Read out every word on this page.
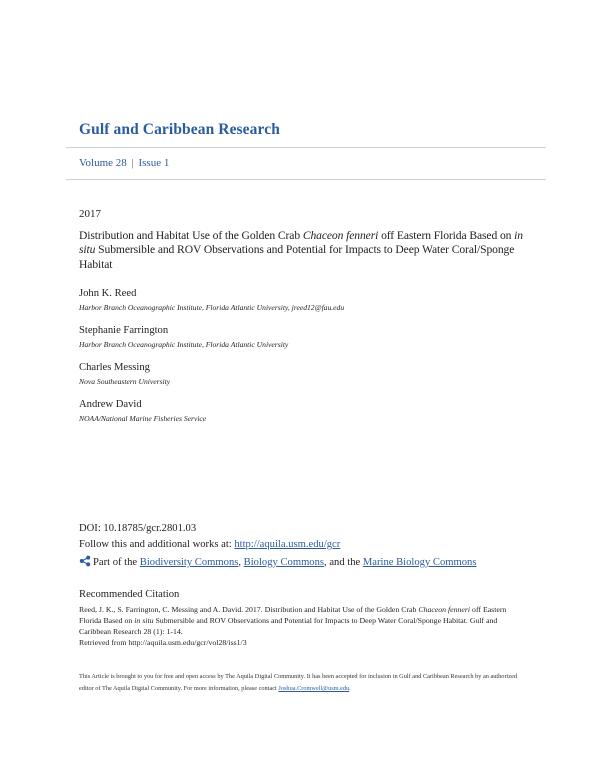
Gulf and Caribbean Research
Volume 28 | Issue 1
2017
Distribution and Habitat Use of the Golden Crab Chaceon fenneri off Eastern Florida Based on in situ Submersible and ROV Observations and Potential for Impacts to Deep Water Coral/Sponge Habitat
John K. Reed
Harbor Branch Oceanographic Institute, Florida Atlantic University, jreed12@fau.edu
Stephanie Farrington
Harbor Branch Oceanographic Institute, Florida Atlantic University
Charles Messing
Nova Southeastern University
Andrew David
NOAA/National Marine Fisheries Service
DOI: 10.18785/gcr.2801.03
Follow this and additional works at: http://aquila.usm.edu/gcr
Part of the Biodiversity Commons, Biology Commons, and the Marine Biology Commons
Recommended Citation
Reed, J. K., S. Farrington, C. Messing and A. David. 2017. Distribution and Habitat Use of the Golden Crab Chaceon fenneri off Eastern Florida Based on in situ Submersible and ROV Observations and Potential for Impacts to Deep Water Coral/Sponge Habitat. Gulf and Caribbean Research 28 (1): 1-14.
Retrieved from http://aquila.usm.edu/gcr/vol28/iss1/3
This Article is brought to you for free and open access by The Aquila Digital Community. It has been accepted for inclusion in Gulf and Caribbean Research by an authorized editor of The Aquila Digital Community. For more information, please contact Joshua.Cromwell@usm.edu.
